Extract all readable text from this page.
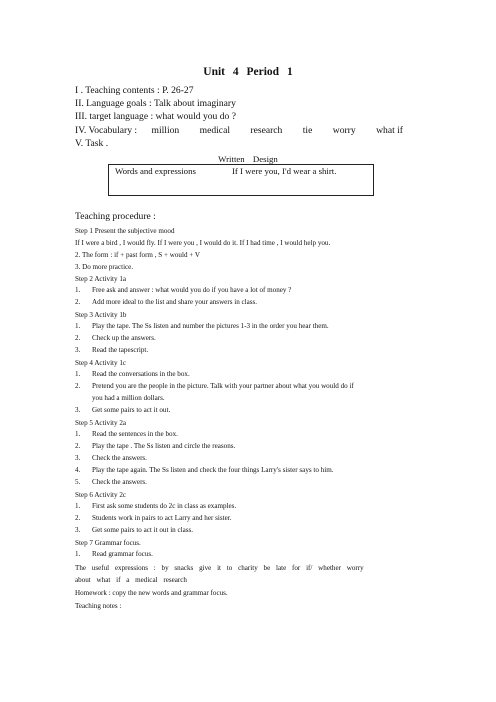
Unit 4 Period 1
I . Teaching contents : P. 26-27
II. Language goals : Talk about imaginary
III. target language : what would you do ?
IV. Vocabulary : million medical research tie worry what if
V. Task .
Written Design
Words and expressions	If I were you, I'd wear a shirt.
Teaching procedure :
Step 1 Present the subjective mood
If I were a bird , I would fly. If I were you , I would do it. If I had time , I would help you.
2. The form : if + past form , S + would + V
3. Do more practice.
Step 2 Activity 1a
1. Free ask and answer : what would you do if you have a lot of money ?
2. Add more ideal to the list and share your answers in class.
Step 3 Activity 1b
1. Play the tape. The Ss listen and number the pictures 1-3 in the order you hear them.
2. Check up the answers.
3. Read the tapescript.
Step 4 Activity 1c
1. Read the conversations in the box.
2. Pretend you are the people in the picture. Talk with your partner about what you would do if
you had a million dollars.
3. Get some pairs to act it out.
Step 5 Activity 2a
1. Read the sentences in the box.
2. Play the tape . The Ss listen and circle the reasons.
3. Check the answers.
4. Play the tape again. The Ss listen and check the four things Larry's sister says to him.
5. Check the answers.
Step 6 Activity 2c
1. First ask some students do 2c in class as examples.
2. Students work in pairs to act Larry and her sister.
3. Get some pairs to act it out in class.
Step 7 Grammar focus.
1. Read grammar focus.
The useful expressions : by snacks give it to charity be late for if/ whether worry
about what if a medical research
Homework : copy the new words and grammar focus.
Teaching notes :
